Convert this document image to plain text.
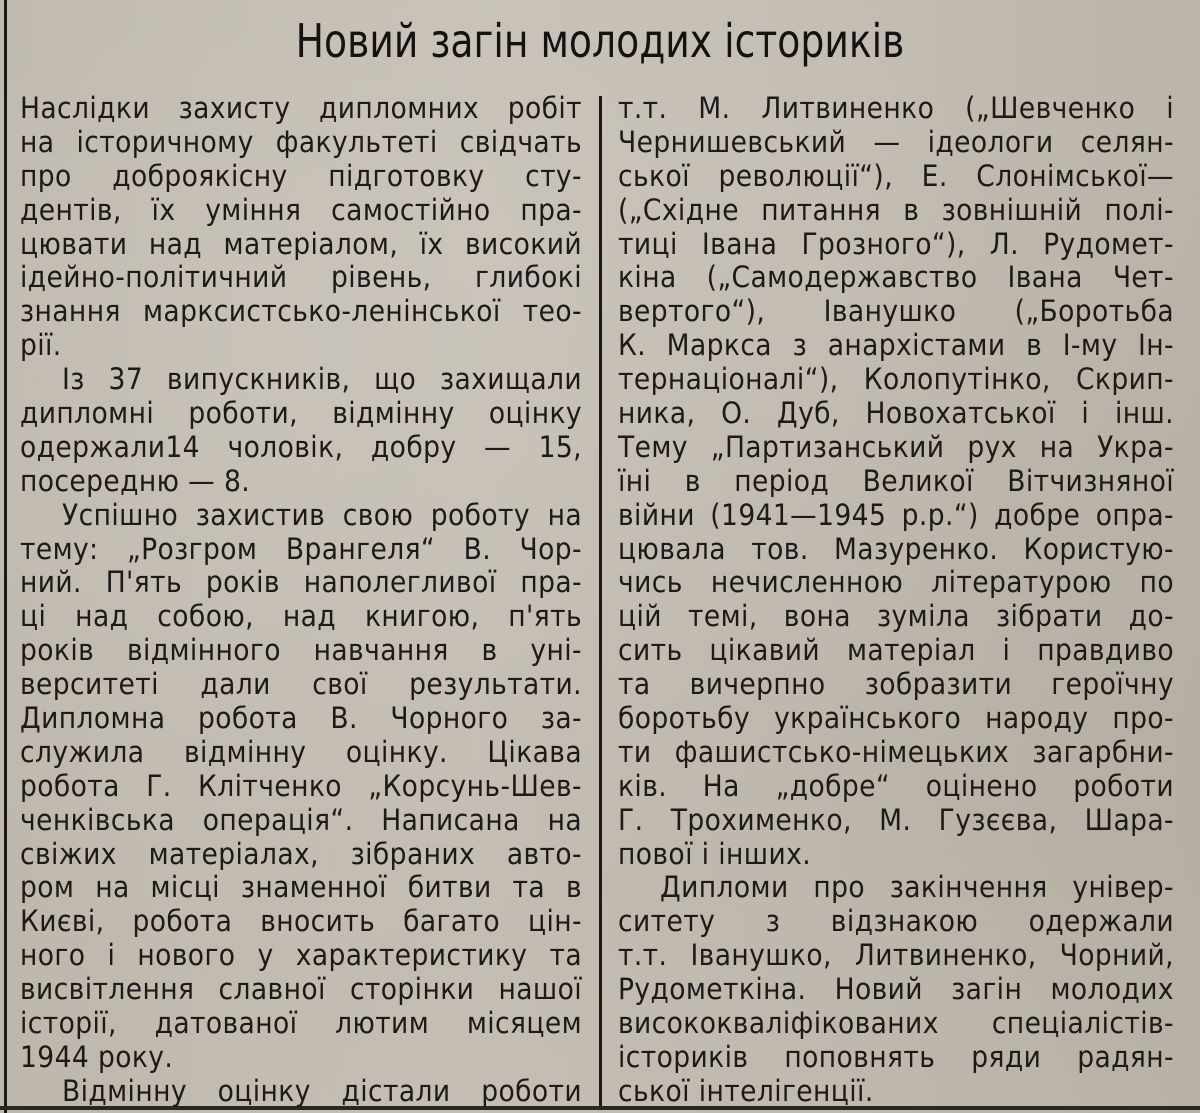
Новий загін молодих істориків
Наслідки захисту дипломних робіт
на історичному факультеті свідчать
про доброякісну підготовку сту-
дентів, їх уміння самостійно пра-
цювати над матеріалом, їх високий
ідейно-політичний рівень, глибокі
знання марксистсько-ленінської тео-
рії.
Із 37 випускників, що захищали
дипломні роботи, відмінну оцінку
одержали14 чоловік, добру — 15,
посередню — 8.
Успішно захистив свою роботу на
тему: „Розгром Врангеля“ В. Чор-
ний. П'ять років наполегливої пра-
ці над собою, над книгою, п'ять
років відмінного навчання в уні-
верситеті дали свої результати.
Дипломна робота В. Чорного за-
служила відмінну оцінку. Цікава
робота Г. Клітченко „Корсунь-Шев-
ченківська операція“. Написана на
свіжих матеріалах, зібраних авто-
ром на місці знаменної битви та в
Києві, робота вносить багато цін-
ного і нового у характеристику та
висвітлення славної сторінки нашої
історії, датованої лютим місяцем
1944 року.
Відмінну оцінку дістали роботи
т.т. М. Литвиненко („Шевченко і
Чернишевський — ідеологи селян-
ської революції“), Е. Слонімської—
(„Східне питання в зовнішній полі-
тиці Івана Грозного“), Л. Рудомет-
кіна („Самодержавство Івана Чет-
вертого“), Іванушко („Боротьба
К. Маркса з анархістами в І-му Ін-
тернаціоналі“), Колопутінко, Скрип-
ника, О. Дуб, Новохатської і інш.
Тему „Партизанський рух на Укра-
їні в період Великої Вітчизняної
війни (1941—1945 р.р.“) добре опра-
цювала тов. Мазуренко. Користую-
чись нечисленною літературою по
цій темі, вона зуміла зібрати до-
сить цікавий матеріал і правдиво
та вичерпно зобразити героїчну
боротьбу українського народу про-
ти фашистсько-німецьких загарбни-
ків. На „добре“ оцінено роботи
Г. Трохименко, М. Гузєєва, Шара-
пової і інших.
Дипломи про закінчення універ-
ситету з відзнакою одержали
т.т. Іванушко, Литвиненко, Чорний,
Рудометкіна. Новий загін молодих
висококваліфікованих спеціалістів-
істориків поповнять ряди радян-
ської інтелігенції.
